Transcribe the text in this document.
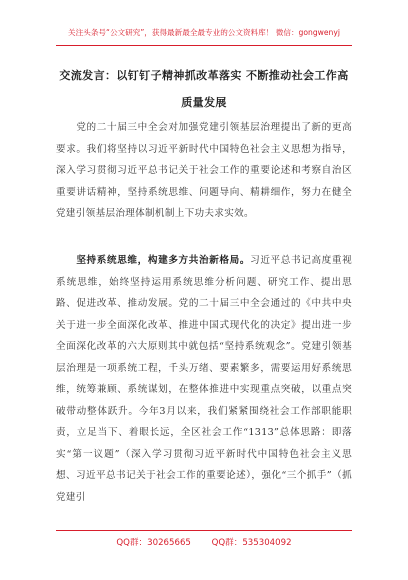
关注头条号“公文研究”，获得最新最全最专业的公文资料库！ 微信：gongwenyj
交流发言：以钉钉子精神抓改革落实 不断推动社会工作高
质量发展
党的二十届三中全会对加强党建引领基层治理提出了新的更高要求。我们将坚持以习近平新时代中国特色社会主义思想为指导，深入学习贯彻习近平总书记关于社会工作的重要论述和考察自治区重要讲话精神，坚持系统思维、问题导向、精耕细作，努力在健全党建引领基层治理体制机制上下功夫求实效。
坚持系统思维，构建多方共治新格局。习近平总书记高度重视系统思维，始终坚持运用系统思维分析问题、研究工作、提出思路、促进改革、推动发展。党的二十届三中全会通过的《中共中央关于进一步全面深化改革、推进中国式现代化的决定》提出进一步全面深化改革的六大原则其中就包括“坚持系统观念”。党建引领基层治理是一项系统工程，千头万绪、要素繁多，需要运用好系统思维，统筹兼顾、系统谋划，在整体推进中实现重点突破，以重点突破带动整体跃升。今年3月以来，我们紧紧围绕社会工作部职能职责，立足当下、着眼长远，全区社会工作“1313”总体思路：即落实“第一议题”（深入学习贯彻习近平新时代中国特色社会主义思想、习近平总书记关于社会工作的重要论述），强化“三个抓手”（抓党建引
QQ群：30265665 QQ群：535304092
